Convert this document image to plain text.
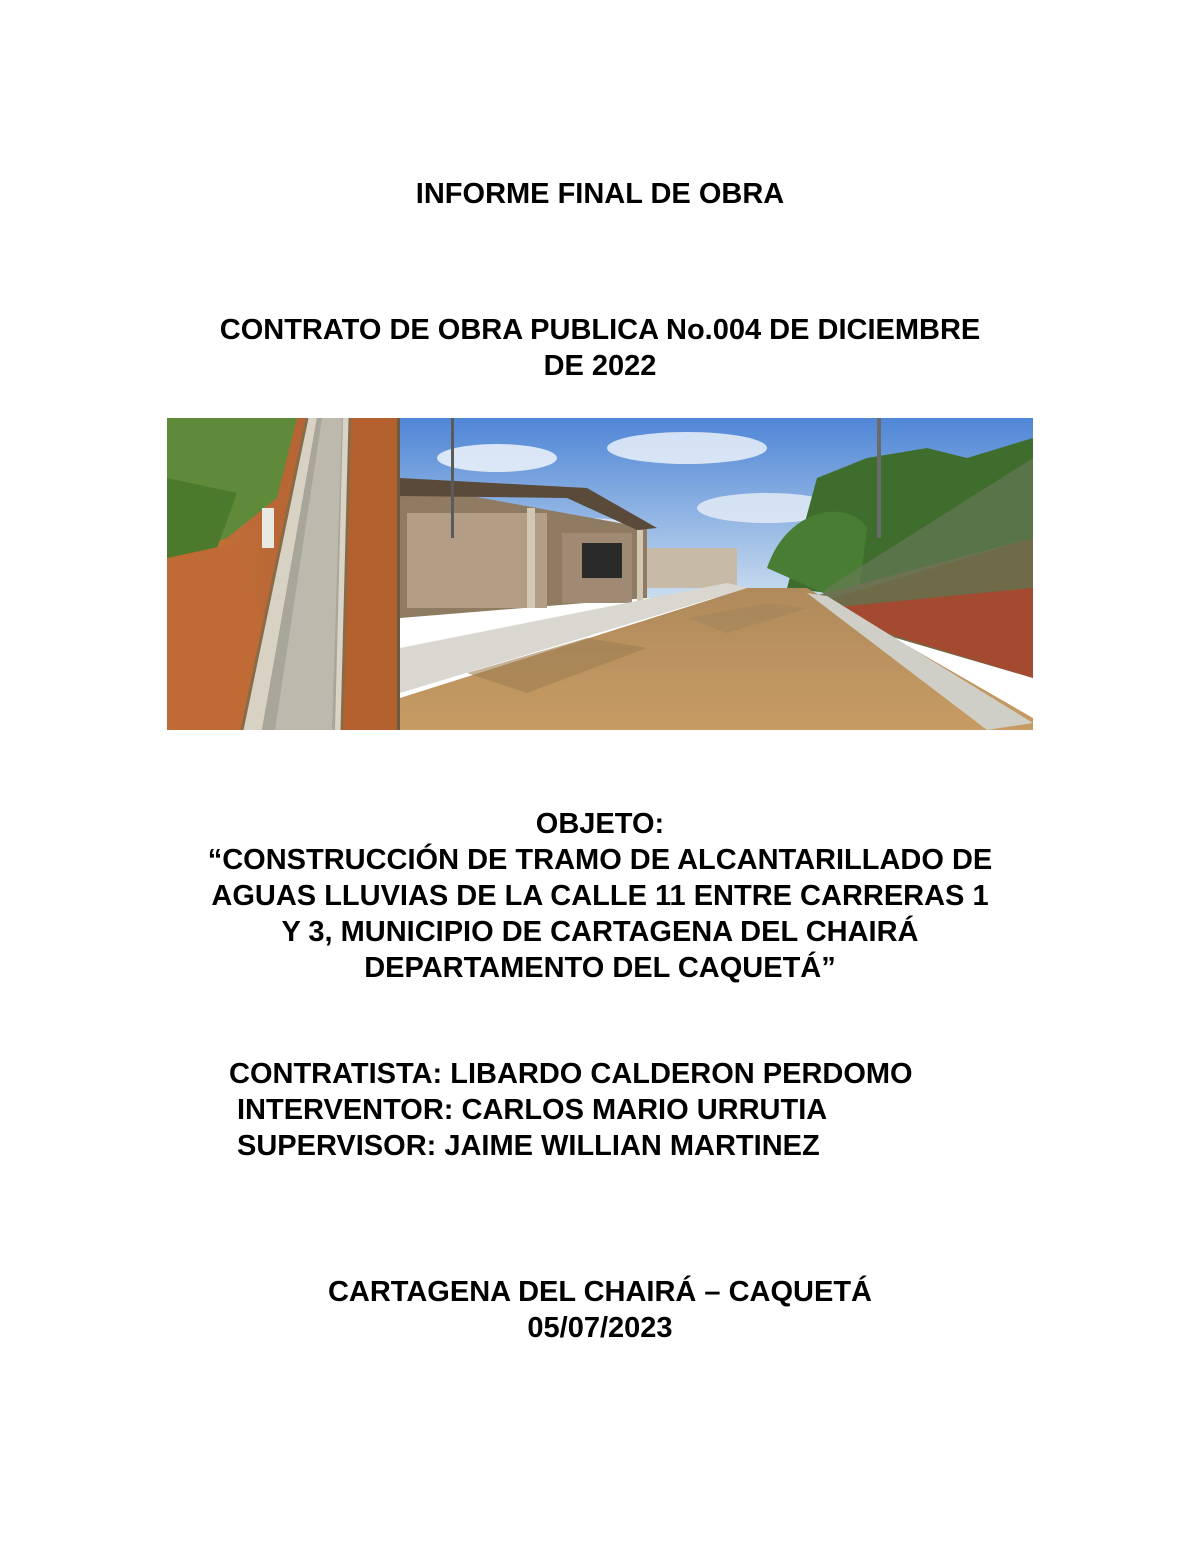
INFORME FINAL DE OBRA
CONTRATO DE OBRA PUBLICA No.004 DE DICIEMBRE
DE 2022
OBJETO:
“CONSTRUCCIÓN DE TRAMO DE ALCANTARILLADO DE
AGUAS LLUVIAS DE LA CALLE 11 ENTRE CARRERAS 1
Y 3, MUNICIPIO DE CARTAGENA DEL CHAIRÁ
DEPARTAMENTO DEL CAQUETÁ”
CONTRATISTA: LIBARDO CALDERON PERDOMO
INTERVENTOR: CARLOS MARIO URRUTIA
SUPERVISOR: JAIME WILLIAN MARTINEZ
CARTAGENA DEL CHAIRÁ – CAQUETÁ
05/07/2023
